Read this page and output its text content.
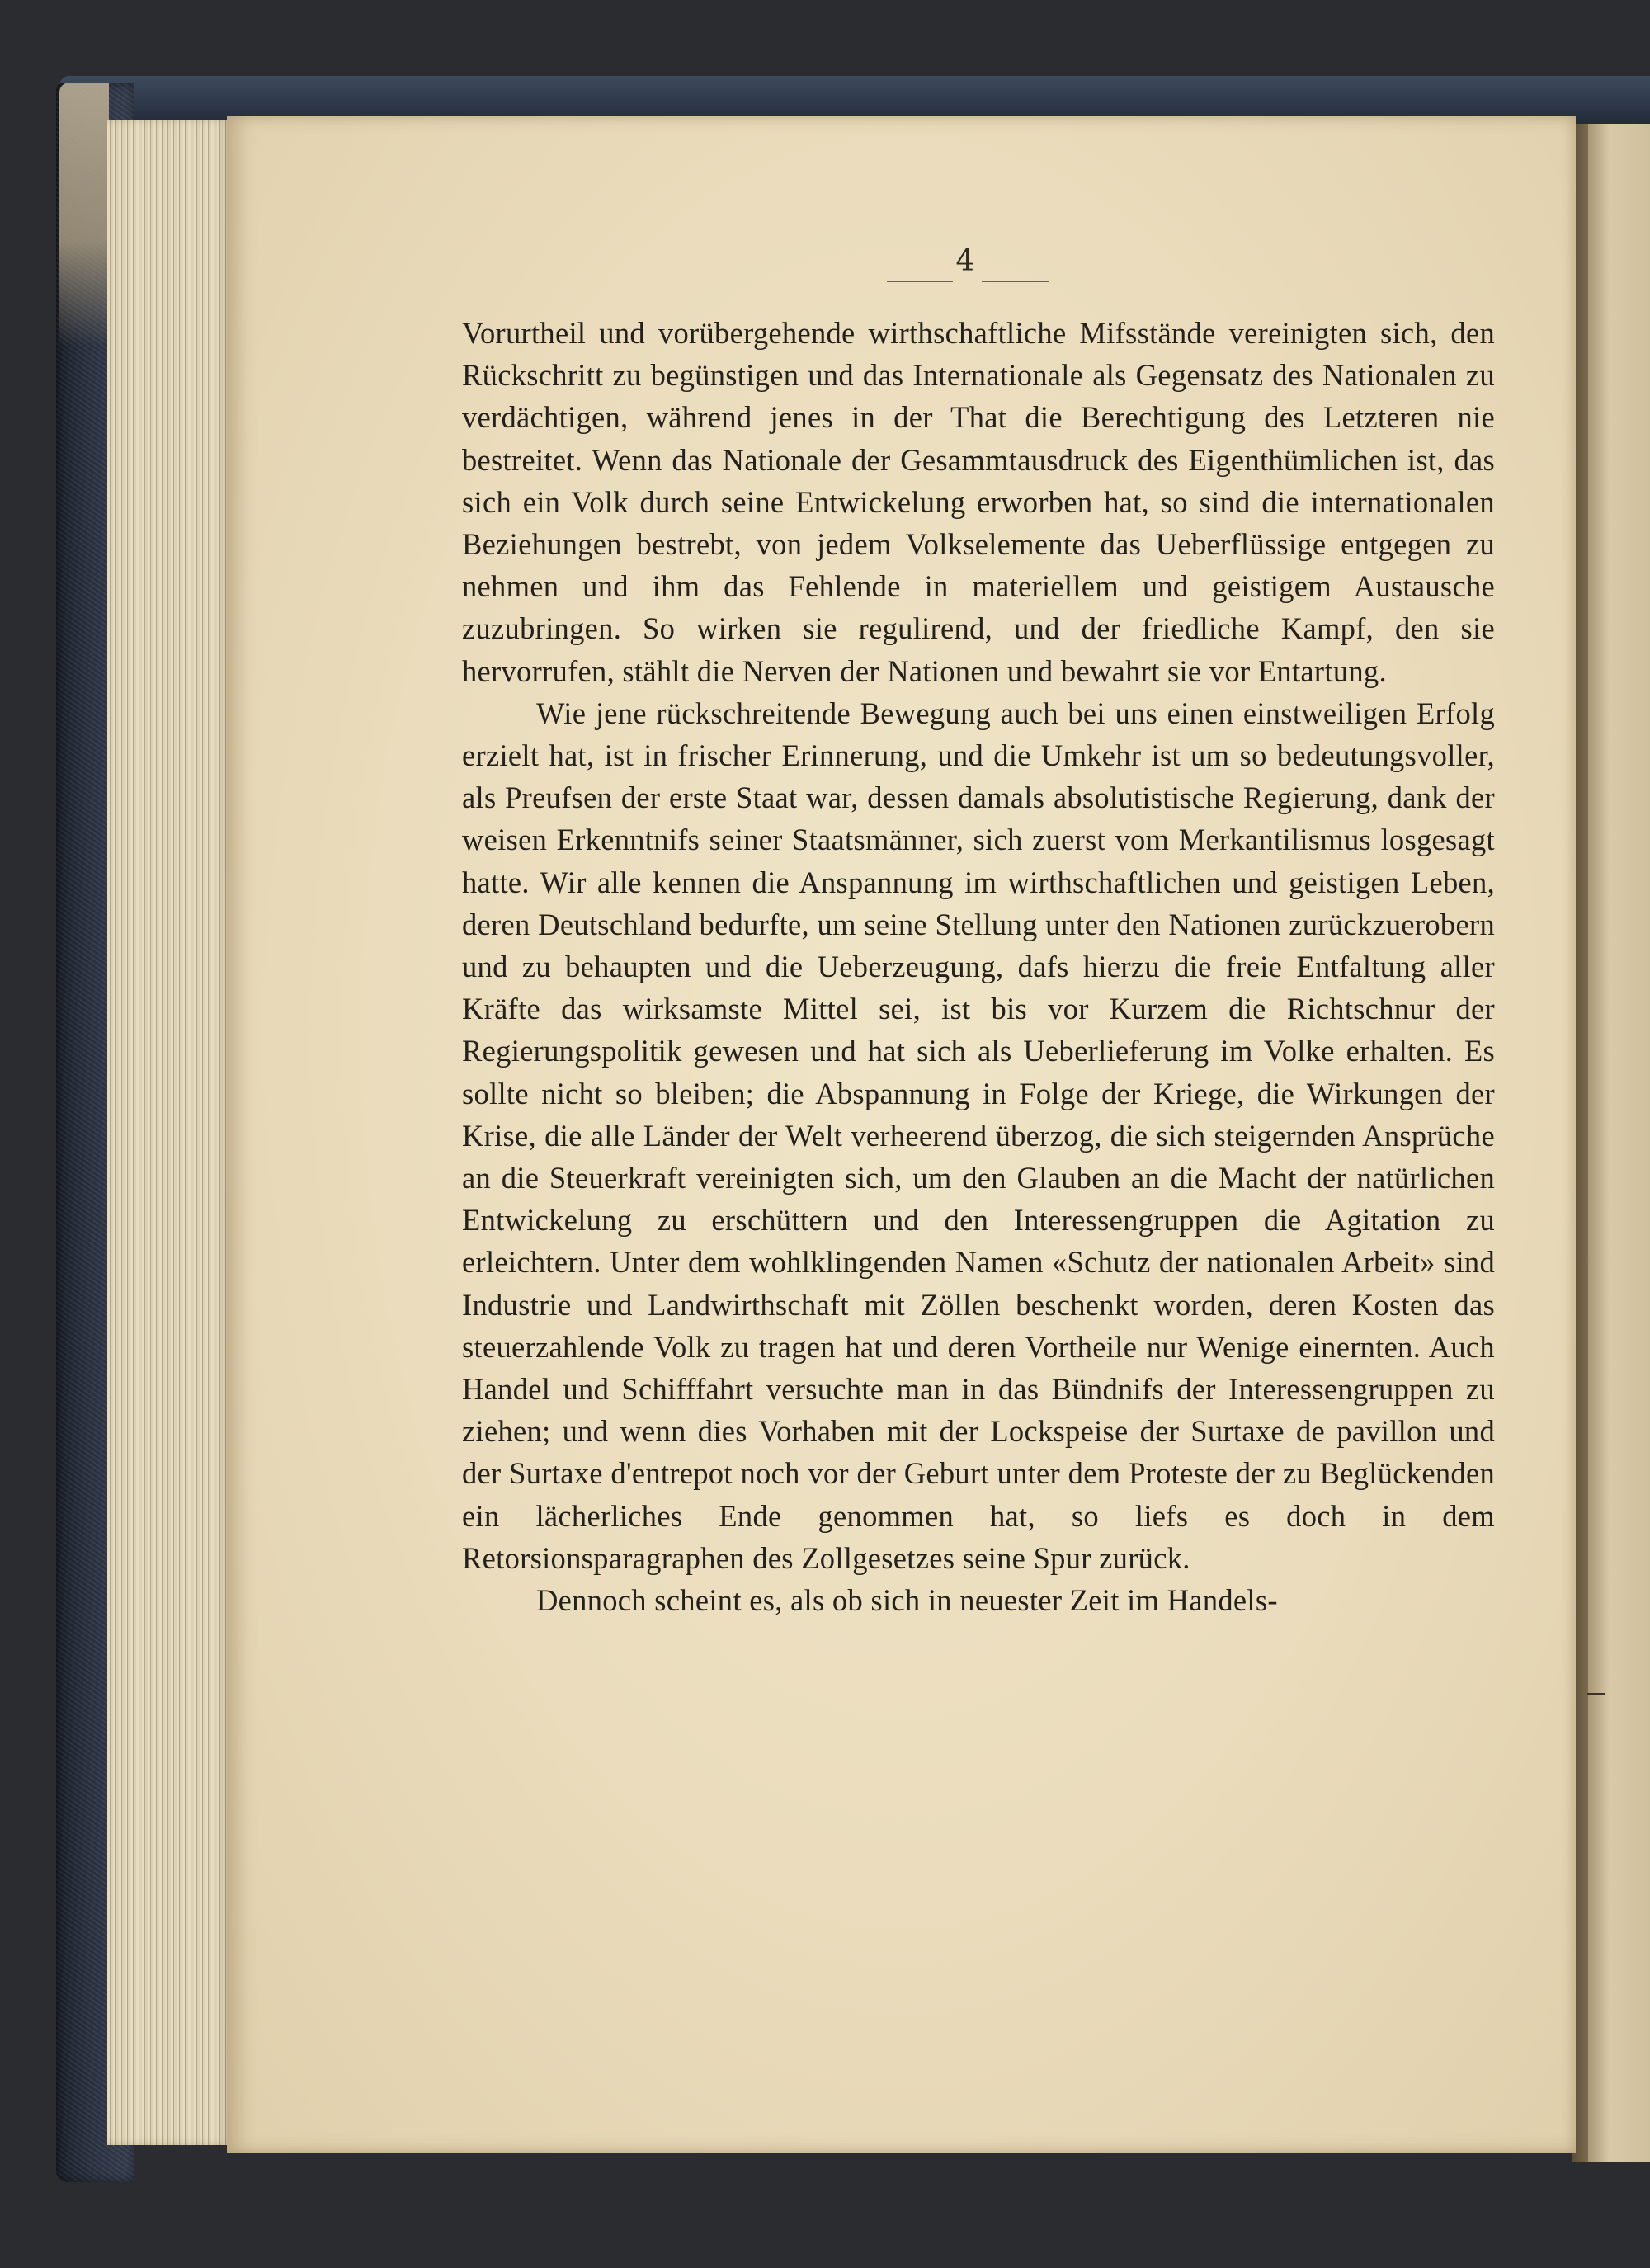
4

Vorurtheil und vorübergehende wirthschaftliche Mifsstände vereinigten sich, den Rückschritt zu begünstigen und das Internationale als Gegensatz des Nationalen zu verdächtigen, während jenes in der That die Berechtigung des Letzteren nie bestreitet. Wenn das Nationale der Gesammtausdruck des Eigenthümlichen ist, das sich ein Volk durch seine Entwickelung erworben hat, so sind die internationalen Beziehungen bestrebt, von jedem Volkselemente das Ueberflüssige entgegen zu nehmen und ihm das Fehlende in materiellem und geistigem Austausche zuzubringen. So wirken sie regulirend, und der friedliche Kampf, den sie hervorrufen, stählt die Nerven der Nationen und bewahrt sie vor Entartung.

Wie jene rückschreitende Bewegung auch bei uns einen einstweiligen Erfolg erzielt hat, ist in frischer Erinnerung, und die Umkehr ist um so bedeutungsvoller, als Preufsen der erste Staat war, dessen damals absolutistische Regierung, dank der weisen Erkenntnifs seiner Staatsmänner, sich zuerst vom Merkantilismus losgesagt hatte. Wir alle kennen die Anspannung im wirthschaftlichen und geistigen Leben, deren Deutschland bedurfte, um seine Stellung unter den Nationen zurückzuerobern und zu behaupten und die Ueberzeugung, dafs hierzu die freie Entfaltung aller Kräfte das wirksamste Mittel sei, ist bis vor Kurzem die Richtschnur der Regierungspolitik gewesen und hat sich als Ueberlieferung im Volke erhalten. Es sollte nicht so bleiben; die Abspannung in Folge der Kriege, die Wirkungen der Krise, die alle Länder der Welt verheerend überzog, die sich steigernden Ansprüche an die Steuerkraft vereinigten sich, um den Glauben an die Macht der natürlichen Entwickelung zu erschüttern und den Interessengruppen die Agitation zu erleichtern. Unter dem wohlklingenden Namen «Schutz der nationalen Arbeit» sind Industrie und Landwirthschaft mit Zöllen beschenkt worden, deren Kosten das steuerzahlende Volk zu tragen hat und deren Vortheile nur Wenige einernten. Auch Handel und Schifffahrt versuchte man in das Bündnifs der Interessengruppen zu ziehen; und wenn dies Vorhaben mit der Lockspeise der Surtaxe de pavillon und der Surtaxe d'entrepot noch vor der Geburt unter dem Proteste der zu Beglückenden ein lächerliches Ende genommen hat, so liefs es doch in dem Retorsionsparagraphen des Zollgesetzes seine Spur zurück.

Dennoch scheint es, als ob sich in neuester Zeit im Handels-
